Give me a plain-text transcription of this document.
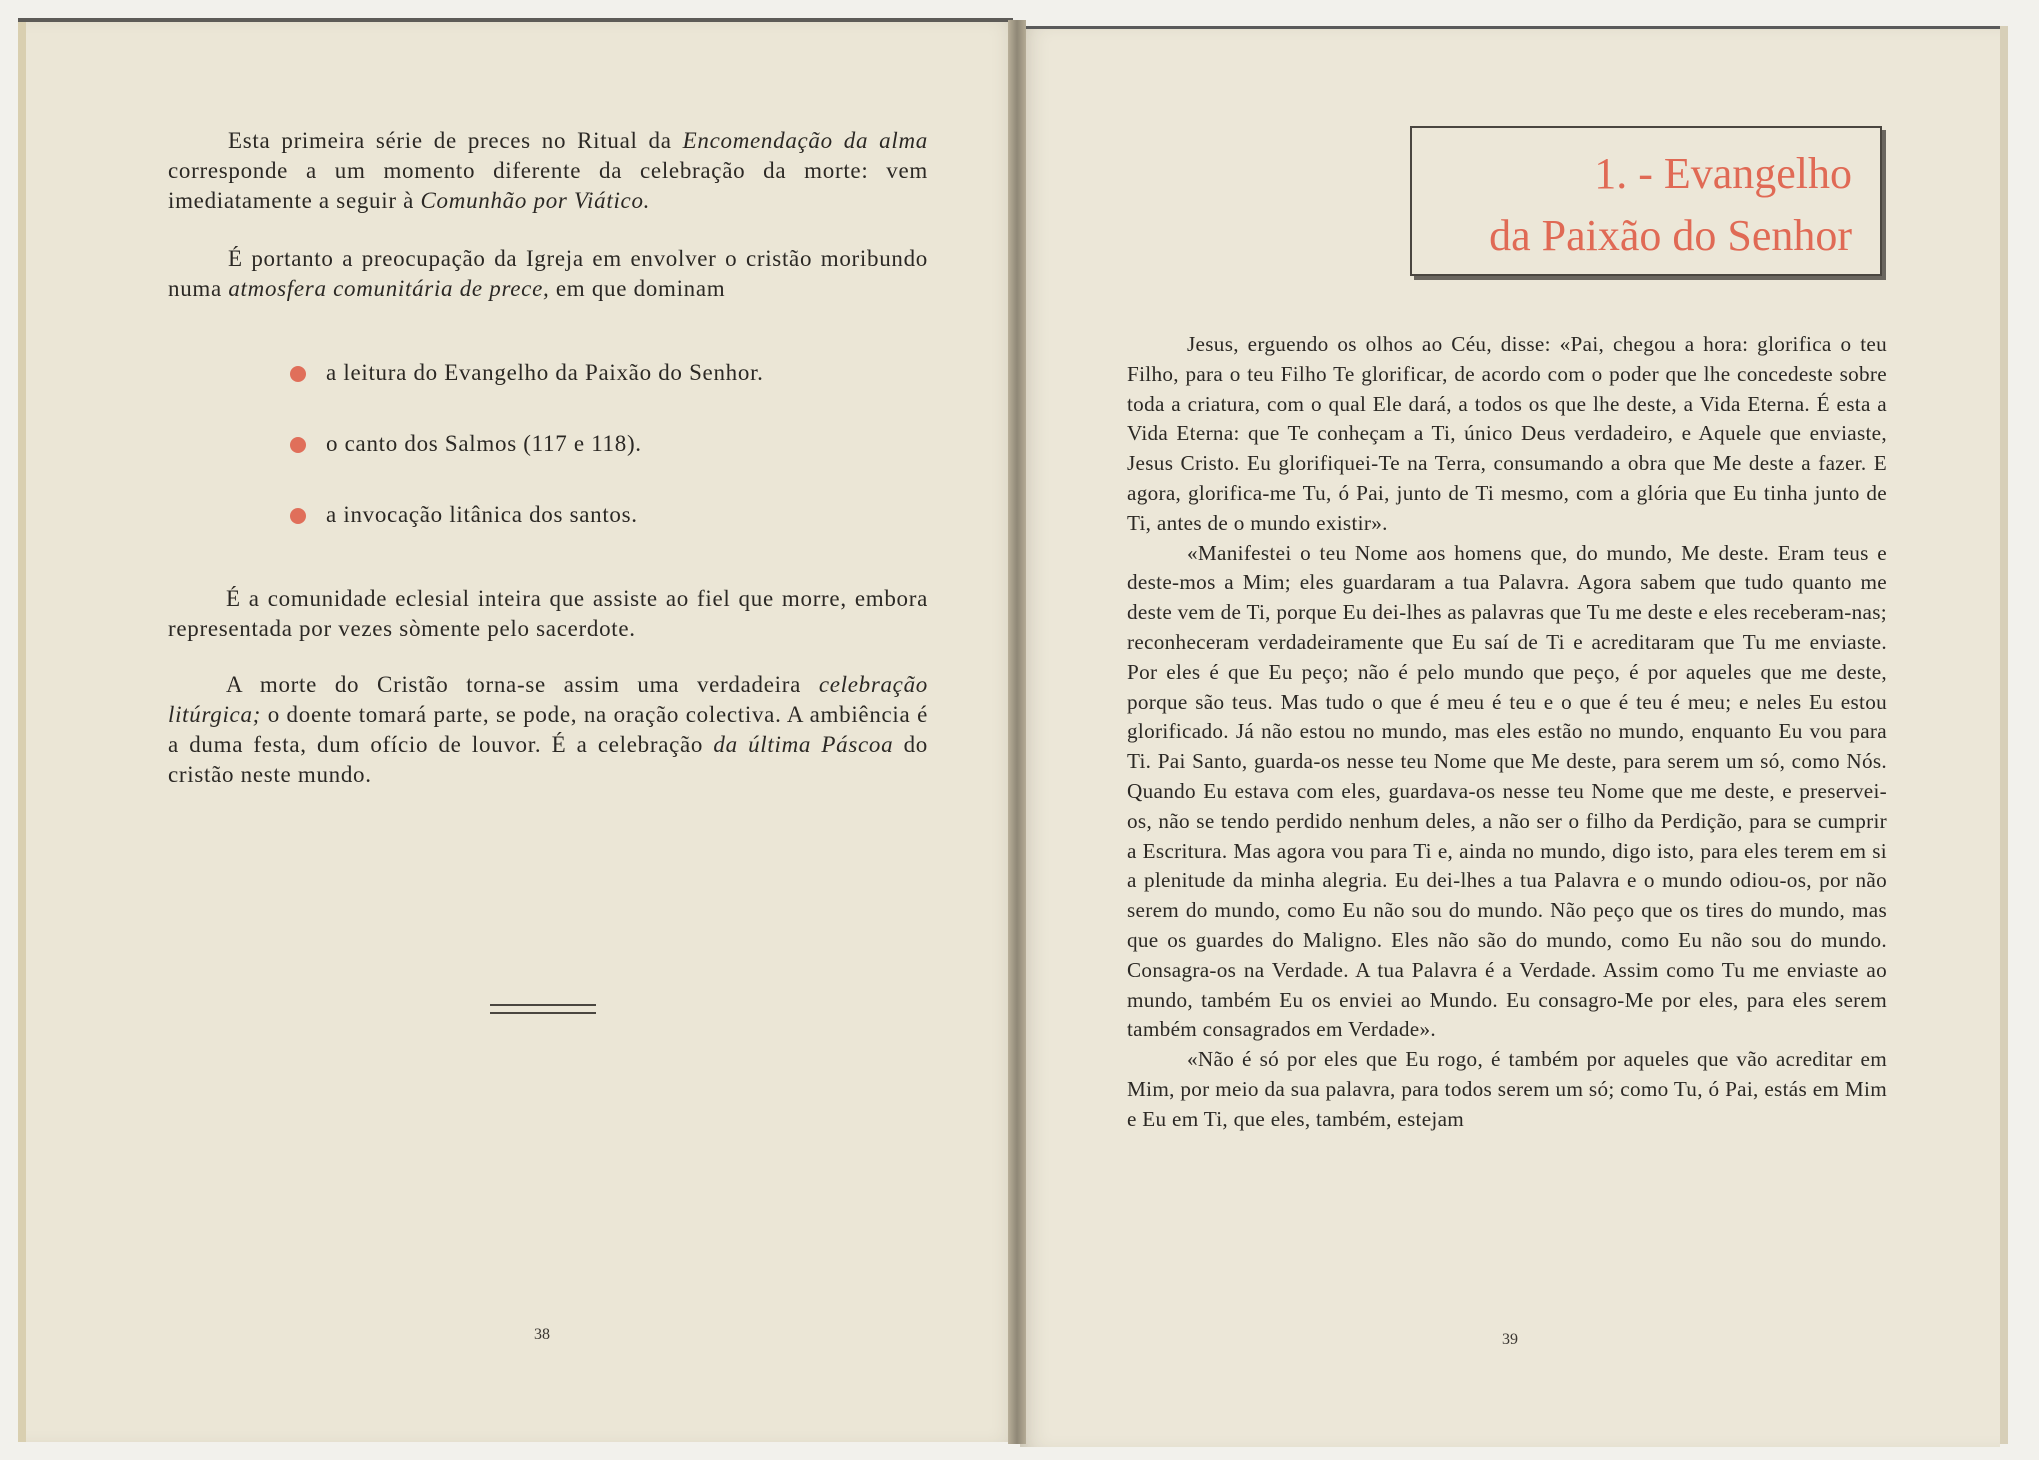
Esta primeira série de preces no Ritual da Encomendação da alma corresponde a um momento diferente da celebração da morte: vem imediatamente a seguir à Comunhão por Viático.
É portanto a preocupação da Igreja em envolver o cristão moribundo numa atmosfera comunitária de prece, em que dominam
a leitura do Evangelho da Paixão do Senhor.
o canto dos Salmos (117 e 118).
a invocação litânica dos santos.
É a comunidade eclesial inteira que assiste ao fiel que morre, embora representada por vezes sòmente pelo sacerdote.
A morte do Cristão torna-se assim uma verdadeira celebração litúrgica; o doente tomará parte, se pode, na oração colectiva. A ambiência é a duma festa, dum ofício de louvor. É a celebração da última Páscoa do cristão neste mundo.
38
1. - Evangelho
da Paixão do Senhor

Jesus, erguendo os olhos ao Céu, disse: «Pai, chegou a hora: glorifica o teu Filho, para o teu Filho Te glorificar, de acordo com o poder que lhe concedeste sobre toda a criatura, com o qual Ele dará, a todos os que lhe deste, a Vida Eterna. É esta a Vida Eterna: que Te conheçam a Ti, único Deus verdadeiro, e Aquele que enviaste, Jesus Cristo. Eu glorifiquei-Te na Terra, consumando a obra que Me deste a fazer. E agora, glorifica-me Tu, ó Pai, junto de Ti mesmo, com a glória que Eu tinha junto de Ti, antes de o mundo existir».

«Manifestei o teu Nome aos homens que, do mundo, Me deste. Eram teus e deste-mos a Mim; eles guardaram a tua Palavra. Agora sabem que tudo quanto me deste vem de Ti, porque Eu dei-lhes as palavras que Tu me deste e eles receberam-nas; reconheceram verdadeiramente que Eu saí de Ti e acreditaram que Tu me enviaste. Por eles é que Eu peço; não é pelo mundo que peço, é por aqueles que me deste, porque são teus. Mas tudo o que é meu é teu e o que é teu é meu; e neles Eu estou glorificado. Já não estou no mundo, mas eles estão no mundo, enquanto Eu vou para Ti. Pai Santo, guarda-os nesse teu Nome que Me deste, para serem um só, como Nós. Quando Eu estava com eles, guardava-os nesse teu Nome que me deste, e preservei-os, não se tendo perdido nenhum deles, a não ser o filho da Perdição, para se cumprir a Escritura. Mas agora vou para Ti e, ainda no mundo, digo isto, para eles terem em si a plenitude da minha alegria. Eu dei-lhes a tua Palavra e o mundo odiou-os, por não serem do mundo, como Eu não sou do mundo. Não peço que os tires do mundo, mas que os guardes do Maligno. Eles não são do mundo, como Eu não sou do mundo. Consagra-os na Verdade. A tua Palavra é a Verdade. Assim como Tu me enviaste ao mundo, também Eu os enviei ao Mundo. Eu consagro-Me por eles, para eles serem também consagrados em Verdade».

«Não é só por eles que Eu rogo, é também por aqueles que vão acreditar em Mim, por meio da sua palavra, para todos serem um só; como Tu, ó Pai, estás em Mim e Eu em Ti, que eles, também, estejam

39
